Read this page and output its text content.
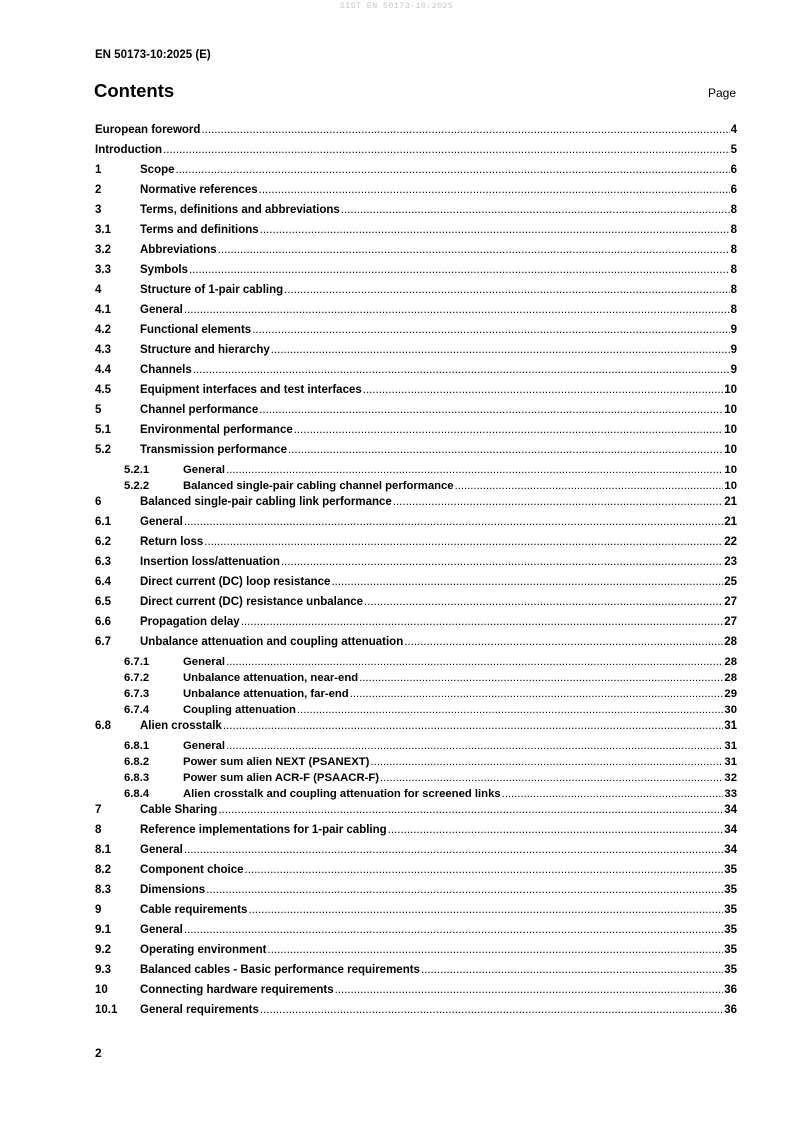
SIST EN 50173-10:2025
EN 50173-10:2025 (E)
Contents	Page
European foreword .....	4
Introduction .....	5
1	Scope .....	6
2	Normative references .....	6
3	Terms, definitions and abbreviations .....	8
3.1	Terms and definitions .....	8
3.2	Abbreviations .....	8
3.3	Symbols .....	8
4	Structure of 1-pair cabling .....	8
4.1	General .....	8
4.2	Functional elements .....	9
4.3	Structure and hierarchy .....	9
4.4	Channels .....	9
4.5	Equipment interfaces and test interfaces .....	10
5	Channel performance .....	10
5.1	Environmental performance .....	10
5.2	Transmission performance .....	10
5.2.1	General .....	10
5.2.2	Balanced single-pair cabling channel performance .....	10
6	Balanced single-pair cabling link performance .....	21
6.1	General .....	21
6.2	Return loss .....	22
6.3	Insertion loss/attenuation .....	23
6.4	Direct current (DC) loop resistance .....	25
6.5	Direct current (DC) resistance unbalance .....	27
6.6	Propagation delay .....	27
6.7	Unbalance attenuation and coupling attenuation .....	28
6.7.1	General .....	28
6.7.2	Unbalance attenuation, near-end .....	28
6.7.3	Unbalance attenuation, far-end .....	29
6.7.4	Coupling attenuation .....	30
6.8	Alien crosstalk .....	31
6.8.1	General .....	31
6.8.2	Power sum alien NEXT (PSANEXT) .....	31
6.8.3	Power sum alien ACR-F (PSAACR-F) .....	32
6.8.4	Alien crosstalk and coupling attenuation for screened links .....	33
7	Cable Sharing .....	34
8	Reference implementations for 1-pair cabling .....	34
8.1	General .....	34
8.2	Component choice .....	35
8.3	Dimensions .....	35
9	Cable requirements .....	35
9.1	General .....	35
9.2	Operating environment .....	35
9.3	Balanced cables - Basic performance requirements .....	35
10	Connecting hardware requirements .....	36
10.1	General requirements .....	36
2
